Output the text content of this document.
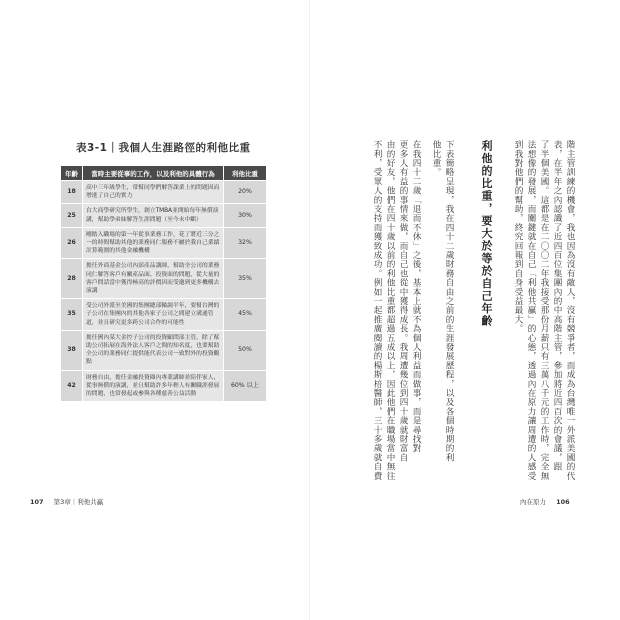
表3-1｜我個人生涯路徑的利他比重
年齡	當時主要從事的工作，以及利他的具體行為	利他比重
18	高中三年級學生，常幫同學們解答課業上的問題因而增進了自己的實力	20%
25	台大商學研究所學生，創立TMBA並開始每年無償演講，幫助學弟妹解答生涯問題（至今未中斷）	30%
26	剛踏入職場的第一年從事業務工作，花了將近三分之一的時間幫助其他的業務同仁服務不屬於我自己業績計算範圍的其他金融機構	32%
28	擔任外商基金公司內部產品講師，幫助全公司的業務同仁解答客戶有關產品面、投資面的問題，從大量的客戶問話當中獲得極高的評價因而受邀到更多機構去演講	35%
35	受公司外派至美國的集團總部輪調半年，要幫台灣的子公司在集團內的其他各家子公司之間建立溝通管道，並且研究更多跨公司合作的可能性	45%
38	擔任國內某大金控子公司的投資顧問部主管，除了幫助公司拓展在海外法人客戶之間的知名度，也要幫助全公司的業務同仁提供能代表公司一致對外的投資觀點	50%
42	財務自由，擔任金融投資圈內專業講師並陪伴家人，從事無償的演講，並且幫助許多年輕人有關職涯發展的問題，也常發起或參與各種慈善公益活動	60% 以上
107 第3章｜利他共贏
階主管訓練的機會，我也因為沒有敵人，沒有競爭者，而成為台灣唯一外派美國的代
表，在半年之內認識了近四百位集團內的中高階主管，參加將近四百次的會議，跟
了半個美國。這都是在二〇〇二年我接受那份月薪只有三萬八千元的工作時，完全無
法想像的發展，而關鍵就在自己「利他共贏」的心態，透過內在原力讓周遭的人感受
到我對他們的幫助，終究回報到自身受益最大。
利他的比重，要大於等於自己年齡
下表簡略呈現，我在四十二歲財務自由之前的生涯發展歷程，以及各個時期的利
他比重。
在我四十二歲「退而不休」之後，基本上就不為個人利益而做事，而是尋找對
更多人有益的事情來做，而自己也從中獲得成長。我周遭幾位到四十歲就財富自
由的好友，他們在四十歲以前的利他比重都超過五成以上，因此他們在職場當中無往
不利，受眾人的支持而獲致成功。例如一起推廣閱讀的楊斯棓醫師，三十多歲就自費
內在原力 106
